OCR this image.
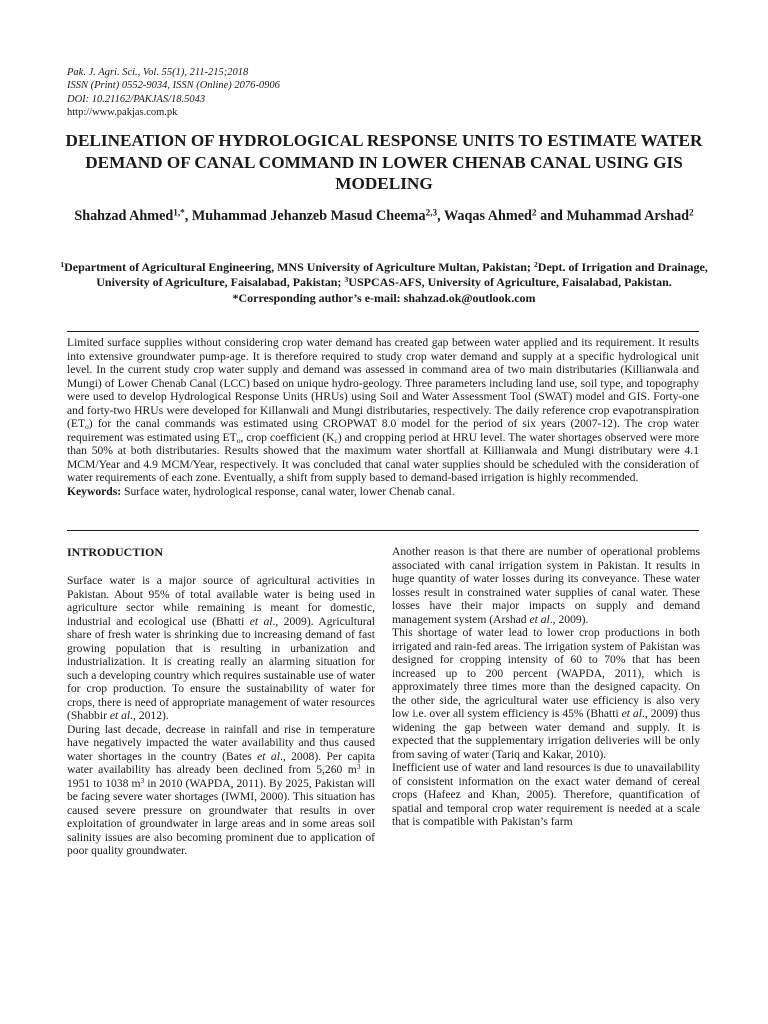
Pak. J. Agri. Sci., Vol. 55(1), 211-215;2018
ISSN (Print) 0552-9034, ISSN (Online) 2076-0906
DOI: 10.21162/PAKJAS/18.5043
http://www.pakjas.com.pk
DELINEATION OF HYDROLOGICAL RESPONSE UNITS TO ESTIMATE WATER DEMAND OF CANAL COMMAND IN LOWER CHENAB CANAL USING GIS MODELING
Shahzad Ahmed$^{1,*}$, Muhammad Jehanzeb Masud Cheema$^{2,3}$, Waqas Ahmed$^2$ and Muhammad Arshad$^2$
$^1$Department of Agricultural Engineering, MNS University of Agriculture Multan, Pakistan; $^2$Dept. of Irrigation and Drainage, University of Agriculture, Faisalabad, Pakistan; $^3$USPCAS-AFS, University of Agriculture, Faisalabad, Pakistan.
*Corresponding author’s e-mail: shahzad.ok@outlook.com
Limited surface supplies without considering crop water demand has created gap between water applied and its requirement. It results into extensive groundwater pump-age. It is therefore required to study crop water demand and supply at a specific hydrological unit level. In the current study crop water supply and demand was assessed in command area of two main distributaries (Killianwala and Mungi) of Lower Chenab Canal (LCC) based on unique hydro-geology. Three parameters including land use, soil type, and topography were used to develop Hydrological Response Units (HRUs) using Soil and Water Assessment Tool (SWAT) model and GIS. Forty-one and forty-two HRUs were developed for Killanwali and Mungi distributaries, respectively. The daily reference crop evapotranspiration $(ET_o)$ for the canal commands was estimated using CROPWAT 8.0 model for the period of six years (2007-12). The crop water requirement was estimated using $ET_o$, crop coefficient $(K_c)$ and cropping period at HRU level. The water shortages observed were more than 50% at both distributaries. Results showed that the maximum water shortfall at Killianwala and Mungi distributary were 4.1 MCM/Year and 4.9 MCM/Year, respectively. It was concluded that canal water supplies should be scheduled with the consideration of water requirements of each zone. Eventually, a shift from supply based to demand-based irrigation is highly recommended.
Keywords: Surface water, hydrological response, canal water, lower Chenab canal.
INTRODUCTION

Surface water is a major source of agricultural activities in Pakistan. About 95% of total available water is being used in agriculture sector while remaining is meant for domestic, industrial and ecological use (Bhatti et al., 2009). Agricultural share of fresh water is shrinking due to increasing demand of fast growing population that is resulting in urbanization and industrialization. It is creating really an alarming situation for such a developing country which requires sustainable use of water for crop production. To ensure the sustainability of water for crops, there is need of appropriate management of water resources (Shabbir et al., 2012).

During last decade, decrease in rainfall and rise in temperature have negatively impacted the water availability and thus caused water shortages in the country (Bates et al., 2008). Per capita water availability has already been declined from 5,260 $m^3$ in 1951 to 1038 $m^3$ in 2010 (WAPDA, 2011). By 2025, Pakistan will be facing severe water shortages (IWMI, 2000). This situation has caused severe pressure on groundwater that results in over exploitation of groundwater in large areas and in some areas soil salinity issues are also becoming prominent due to application of poor quality groundwater.

Another reason is that there are number of operational problems associated with canal irrigation system in Pakistan. It results in huge quantity of water losses during its conveyance. These water losses result in constrained water supplies of canal water. These losses have their major impacts on supply and demand management system (Arshad et al., 2009).

This shortage of water lead to lower crop productions in both irrigated and rain-fed areas. The irrigation system of Pakistan was designed for cropping intensity of 60 to 70% that has been increased up to 200 percent (WAPDA, 2011), which is approximately three times more than the designed capacity. On the other side, the agricultural water use efficiency is also very low i.e. over all system efficiency is 45% (Bhatti et al., 2009) thus widening the gap between water demand and supply. It is expected that the supplementary irrigation deliveries will be only from saving of water (Tariq and Kakar, 2010).

Inefficient use of water and land resources is due to unavailability of consistent information on the exact water demand of cereal crops (Hafeez and Khan, 2005). Therefore, quantification of spatial and temporal crop water requirement is needed at a scale that is compatible with Pakistan’s farm
